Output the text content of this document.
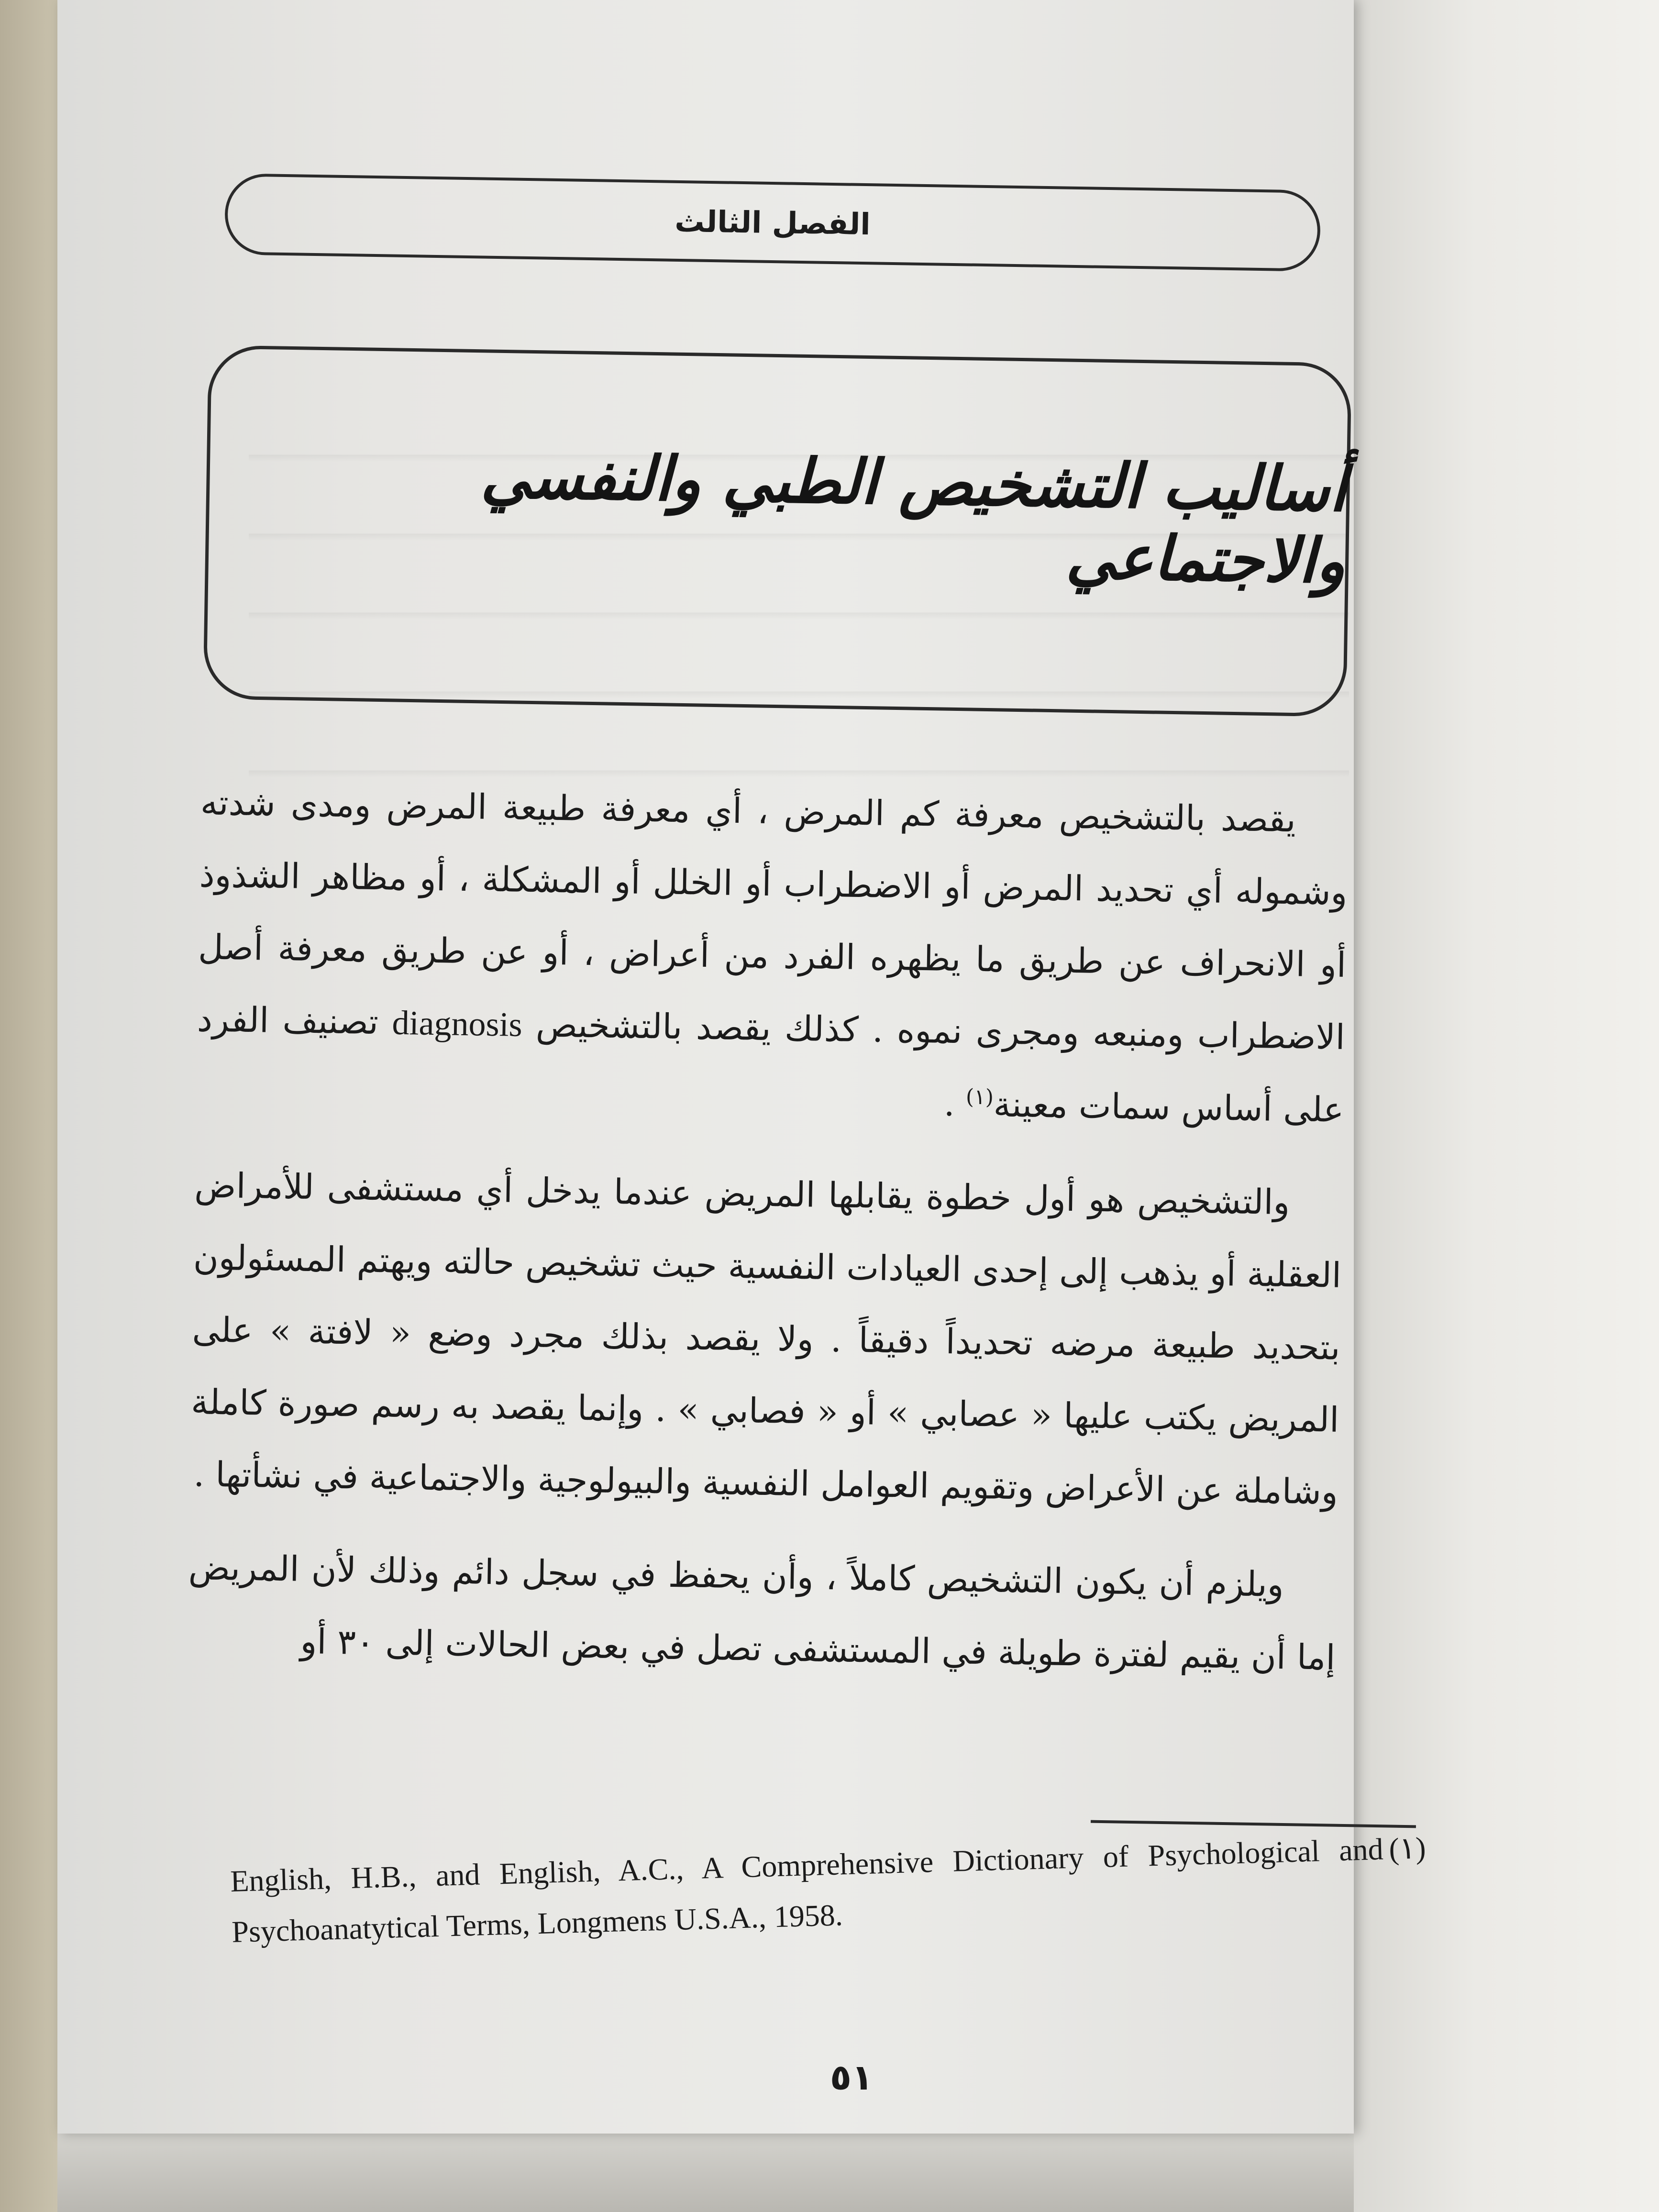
الفصل الثالث
أساليب التشخيص الطبي والنفسي والاجتماعي

يقصد بالتشخيص معرفة كم المرض ، أي معرفة طبيعة المرض ومدى شدته وشموله أي تحديد المرض أو الاضطراب أو الخلل أو المشكلة ، أو مظاهر الشذوذ أو الانحراف عن طريق ما يظهره الفرد من أعراض ، أو عن طريق معرفة أصل الاضطراب ومنبعه ومجرى نموه . كذلك يقصد بالتشخيص diagnosis تصنيف الفرد على أساس سمات معينة$^{(١)}$ .

والتشخيص هو أول خطوة يقابلها المريض عندما يدخل أي مستشفى للأمراض العقلية أو يذهب إلى إحدى العيادات النفسية حيث تشخيص حالته ويهتم المسئولون بتحديد طبيعة مرضه تحديداً دقيقاً . ولا يقصد بذلك مجرد وضع « لافتة » على المريض يكتب عليها « عصابي » أو « فصابي » . وإنما يقصد به رسم صورة كاملة وشاملة عن الأعراض وتقويم العوامل النفسية والبيولوجية والاجتماعية في نشأتها .

ويلزم أن يكون التشخيص كاملاً ، وأن يحفظ في سجل دائم وذلك لأن المريض إما أن يقيم لفترة طويلة في المستشفى تصل في بعض الحالات إلى ٣٠ أو

(١)
English, H.B., and English, A.C., A Comprehensive Dictionary of Psychological and Psychoanatytical Terms, Longmens U.S.A., 1958.
٥١
